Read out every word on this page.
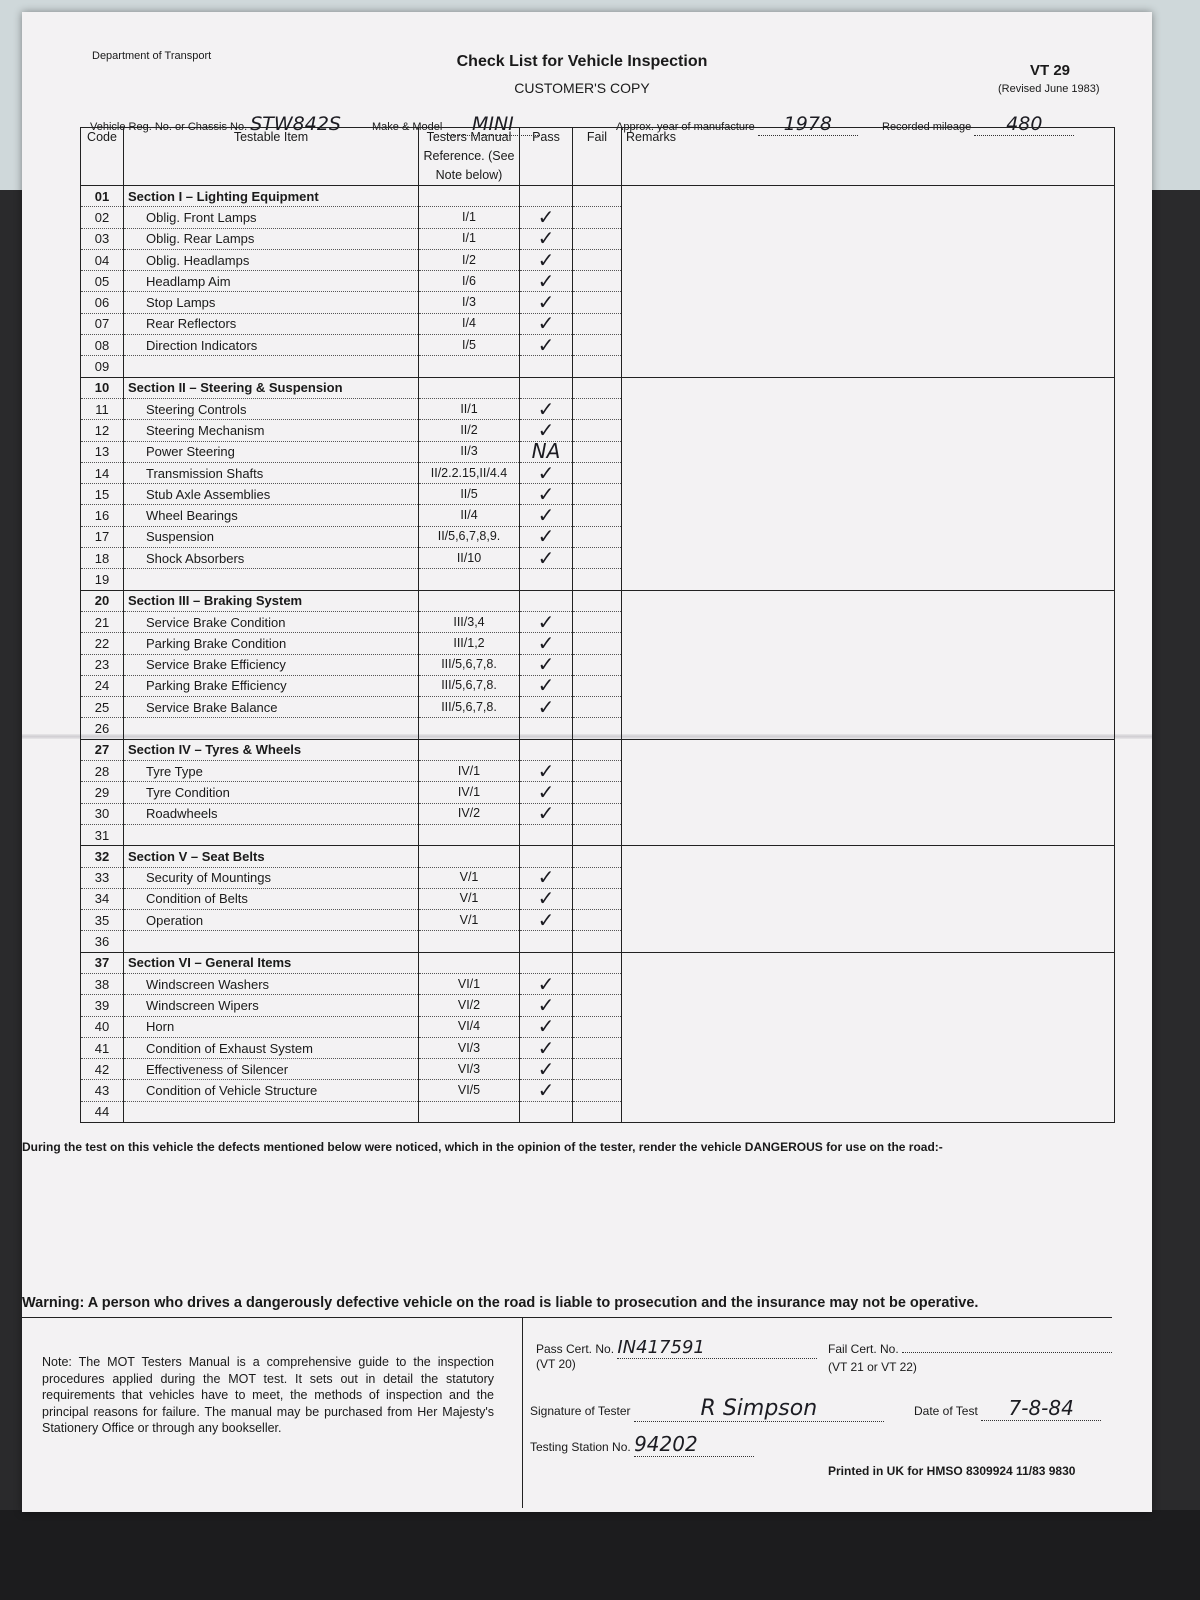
Department of Transport	Check List for Vehicle Inspection
CUSTOMER'S COPY
VT 29
(Revised June 1983)
Vehicle Reg. No. or Chassis No. STW842S	Make & Model MINI	Approx. year of manufacture 1978	Recorded mileage 480
Code	Testable Item	Testers Manual Reference. (See Note below)	Pass	Fail	Remarks
01	Section I – Lighting Equipment				
02	Oblig. Front Lamps	I/1	✓		
03	Oblig. Rear Lamps	I/1	✓		
04	Oblig. Headlamps	I/2	✓		
05	Headlamp Aim	I/6	✓		
06	Stop Lamps	I/3	✓		
07	Rear Reflectors	I/4	✓		
08	Direction Indicators	I/5	✓		
09					
10	Section II – Steering & Suspension				
11	Steering Controls	II/1	✓		
12	Steering Mechanism	II/2	✓		
13	Power Steering	II/3	NA		
14	Transmission Shafts	II/2.2.15,II/4.4	✓		
15	Stub Axle Assemblies	II/5	✓		
16	Wheel Bearings	II/4	✓		
17	Suspension	II/5,6,7,8,9.	✓		
18	Shock Absorbers	II/10	✓		
19					
20	Section III – Braking System				
21	Service Brake Condition	III/3,4	✓		
22	Parking Brake Condition	III/1,2	✓		
23	Service Brake Efficiency	III/5,6,7,8.	✓		
24	Parking Brake Efficiency	III/5,6,7,8.	✓		
25	Service Brake Balance	III/5,6,7,8.	✓		
26					
27	Section IV – Tyres & Wheels				
28	Tyre Type	IV/1	✓		
29	Tyre Condition	IV/1	✓		
30	Roadwheels	IV/2	✓		
31					
32	Section V – Seat Belts				
33	Security of Mountings	V/1	✓		
34	Condition of Belts	V/1	✓		
35	Operation	V/1	✓		
36					
37	Section VI – General Items				
38	Windscreen Washers	VI/1	✓		
39	Windscreen Wipers	VI/2	✓		
40	Horn	VI/4	✓		
41	Condition of Exhaust System	VI/3	✓		
42	Effectiveness of Silencer	VI/3	✓		
43	Condition of Vehicle Structure	VI/5	✓		
44					
During the test on this vehicle the defects mentioned below were noticed, which in the opinion of the tester, render the vehicle DANGEROUS for use on the road:-
Warning: A person who drives a dangerously defective vehicle on the road is liable to prosecution and the insurance may not be operative.
Note: The MOT Testers Manual is a comprehensive guide to the inspection procedures applied during the MOT test. It sets out in detail the statutory requirements that vehicles have to meet, the methods of inspection and the principal reasons for failure. The manual may be purchased from Her Majesty's Stationery Office or through any bookseller.
Pass Cert. No. IN417591
(VT 20)
Fail Cert. No.
(VT 21 or VT 22)
Signature of Tester	R Simpson	Date of Test 7-8-84
Testing Station No. 94202
Printed in UK for HMSO 8309924 11/83 9830
